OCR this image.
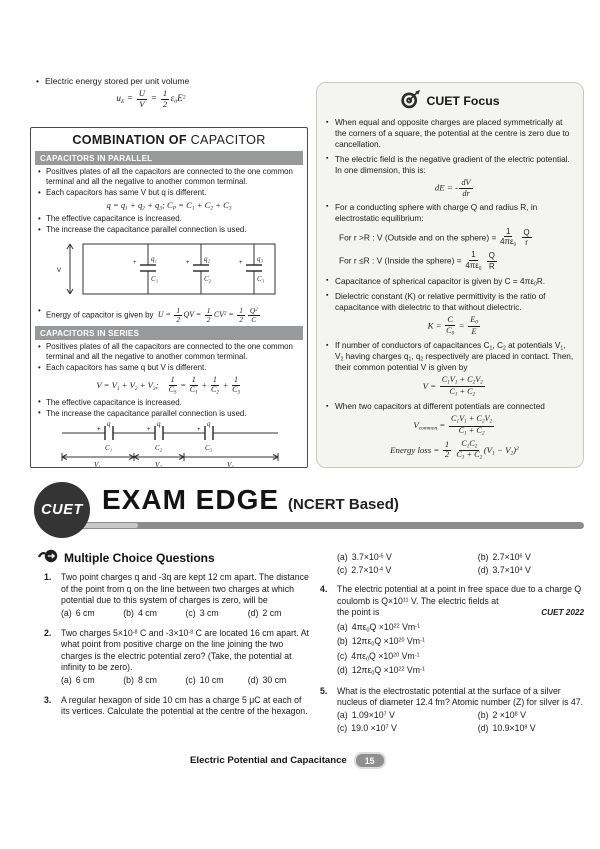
• Electric energy stored per unit volume
$u_E = \frac{U}{V} = \frac{1}{2} \varepsilon_0E^2$
COMBINATION OF CAPACITOR
CAPACITORS IN PARALLEL
• Positives plates of all the capacitors are connected to the one common terminal and all the negative to another common terminal.
• Each capacitors has same V but q is different.
$q = q_1 + q_2 + q_3$; $C_P = C_1 + C_2 + C_3$
• The effective capacitance is increased.
• The increase the capacitance parallel connection is used.
V
+ q₁
C₁
+ q₂
C₂
+ q₃
C₃
• Energy of capacitor is given by $U = \frac{1}{2}$ QV = $\frac{1}{2} CV^2 = \frac{1}{2} \frac{Q^2}{C}$
CAPACITORS IN SERIES
• Positives plates of all the capacitors are connected to the one common terminal and all the negative to another common terminal.
• Each capacitors has same q but V is different.
$V = V_1 + V_2 + V_3$;  $\frac{1}{C_S} = \frac{1}{C_1} + \frac{1}{C_2} + \frac{1}{C_3}$
• The effective capacitance is increased.
• The increase the capacitance parallel connection is used.
q	q	q
+	+	+
C₁	C₂	C₃
V₁	V₂	V₃

CUET Focus
▪ When equal and opposite charges are placed symmetrically at the corners of a square, the potential at the centre is zero due to cancellation.
▪ The electric field is the negative gradient of the electric potential. In one dimension, this is:
dE = - $\frac{dV}{dr}$
▪ For a conducting sphere with charge Q and radius R, in electrostatic equilibrium:
For r >R : V (Outside and on the sphere) = $\frac{1}{4\pi\varepsilon_0}$
$\frac{Q}{r}$
For r ≤R : V (Inside the sphere) = $\frac{1}{4\pi\varepsilon_0}$
$\frac{Q}{R}$
▪ Capacitance of spherical capacitor is given by $C = 4\pi\varepsilon_0R$.
▪ Dielectric constant (K) or relative permittivity is the ratio of capacitance with dielectric to that without dielectric.
$K = \frac{C}{C_0} = \frac{E_0}{E}$
▪ If number of conductors of capacitances $C_1$, $C_2$ at potentials $V_1$, $V_2$ having charges $q_1$, $q_2$ respectively are placed in contact. Then, their common potential V is given by
$V = \frac{C_1V_1 + C_2V_2}{C_1 + C_2}$
▪ When two capacitors at different potentials are connected
$V_{common} = \frac{C_1V_1 + C_2V_2}{C_1 + C_2}$
Energy loss = $\frac{1}{2}$
$\frac{C_1C_2}{C_1 + C_2} (V_1 - V_2)^2$
CUET EXAM EDGE (NCERT Based)
Multiple Choice Questions
1.	Two point charges q and -3q are kept 12 cm apart. The distance of the point from q on the line between two charges at which potential due to this system of charges is zero, will be
(a) 6 cm	(b) 4 cm	(c) 3 cm	(d) 2 cm
2.	Two charges $5\times 10^{-8}$ C and $-3\times 10^{-8}$ C are located 16 cm apart. At what point from positive charge on the line joining the two charges is the electric potential zero? (Take, the potential at infinity to be zero).
(a) 6 cm	(b) 8 cm	(c) 10 cm	(d) 30 cm
3.	A regular hexagon of side 10 cm has a charge 5 μC at each of its vertices. Calculate the potential at the centre of the hexagon.
(a) $3.7\times 10^{-6}$ V	(b) $2.7\times 10^6$ V
(c) $2.7\times 10^{-4}$ V	(d) $3.7\times 10^4$ V
4.	The electric potential at a point in free space due to a charge Q coulomb is $Q\times 10^{11}$ V. The electric fields at
the point is	CUET 2022
(a) $4\pi\varepsilon_0Q \times 10^{22}$ $Vm^{-1}$
(b) $12\pi\varepsilon_0Q \times 10^{20}$ $Vm^{-1}$
(c) $4\pi\varepsilon_0Q \times 10^{20}$ $Vm^{-1}$
(d) $12\pi\varepsilon_0Q \times 10^{22}$ $Vm^{-1}$
5.	What is the electrostatic potential at the surface of a silver nucleus of diameter 12.4 fm? Atomic number (Z) for silver is 47.
(a) $1.09\times 10^7$ V	(b) $2 \times 10^8$ V
(c) $19.0 \times 10^7$ V	(d) $10.9\times 10^8$ V
Electric Potential and Capacitance	15
